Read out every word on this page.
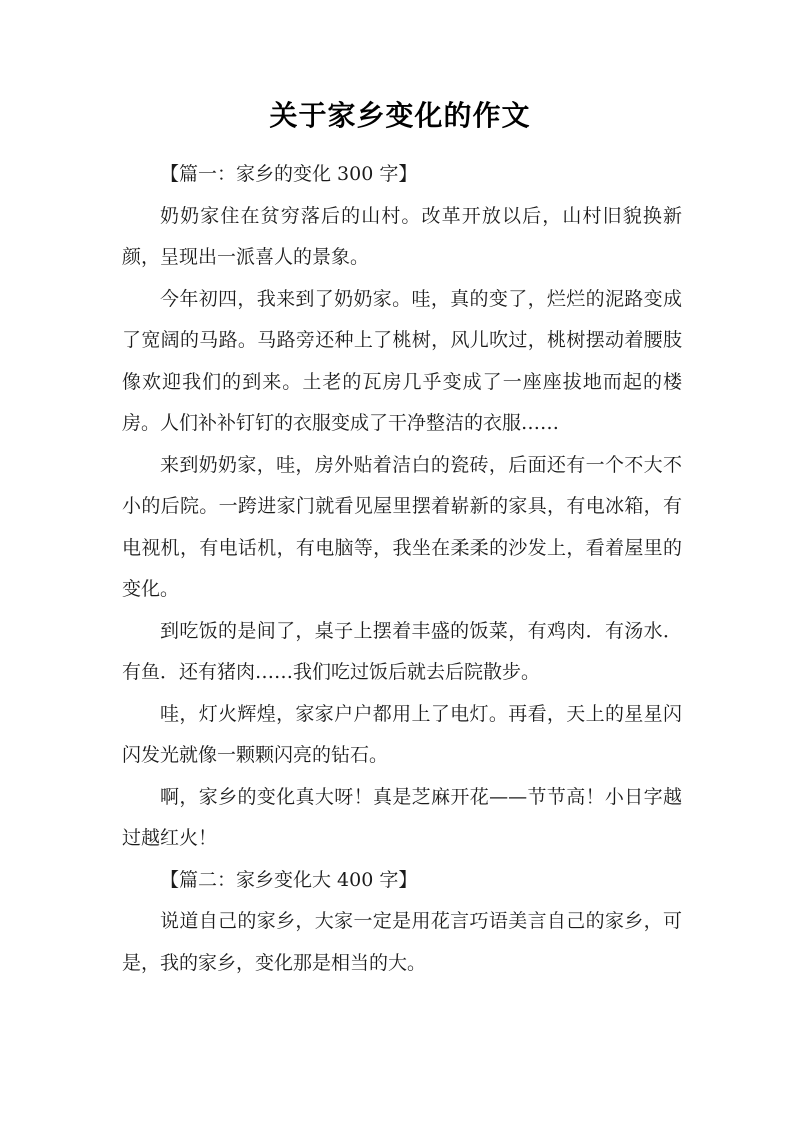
关于家乡变化的作文

【篇一：家乡的变化 300 字】

奶奶家住在贫穷落后的山村。改革开放以后，山村旧貌换新颜，呈现出一派喜人的景象。

今年初四，我来到了奶奶家。哇，真的变了，烂烂的泥路变成了宽阔的马路。马路旁还种上了桃树，风儿吹过，桃树摆动着腰肢像欢迎我们的到来。土老的瓦房几乎变成了一座座拔地而起的楼房。人们补补钉钉的衣服变成了干净整洁的衣服……

来到奶奶家，哇，房外贴着洁白的瓷砖，后面还有一个不大不小的后院。一跨进家门就看见屋里摆着崭新的家具，有电冰箱，有电视机，有电话机，有电脑等，我坐在柔柔的沙发上，看着屋里的变化。

到吃饭的是间了，桌子上摆着丰盛的饭菜，有鸡肉．有汤水．有鱼．还有猪肉……我们吃过饭后就去后院散步。

哇，灯火辉煌，家家户户都用上了电灯。再看，天上的星星闪闪发光就像一颗颗闪亮的钻石。

啊，家乡的变化真大呀！真是芝麻开花——节节高！小日字越过越红火！

【篇二：家乡变化大 400 字】

说道自己的家乡，大家一定是用花言巧语美言自己的家乡，可是，我的家乡，变化那是相当的大。
